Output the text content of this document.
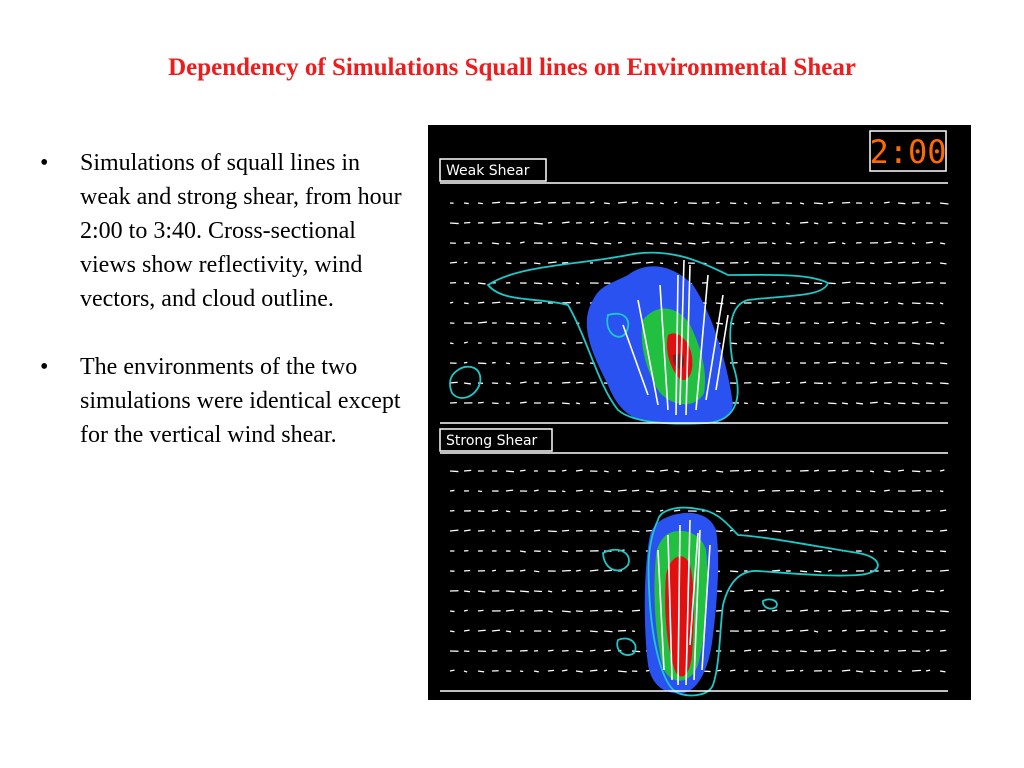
Dependency of Simulations Squall lines on Environmental Shear
• Simulations of squall lines in weak and strong shear, from hour 2:00 to 3:40. Cross-sectional views show reflectivity, wind vectors, and cloud outline.
• The environments of the two simulations were identical except for the vertical wind shear.
2:00
Weak Shear
Strong Shear
